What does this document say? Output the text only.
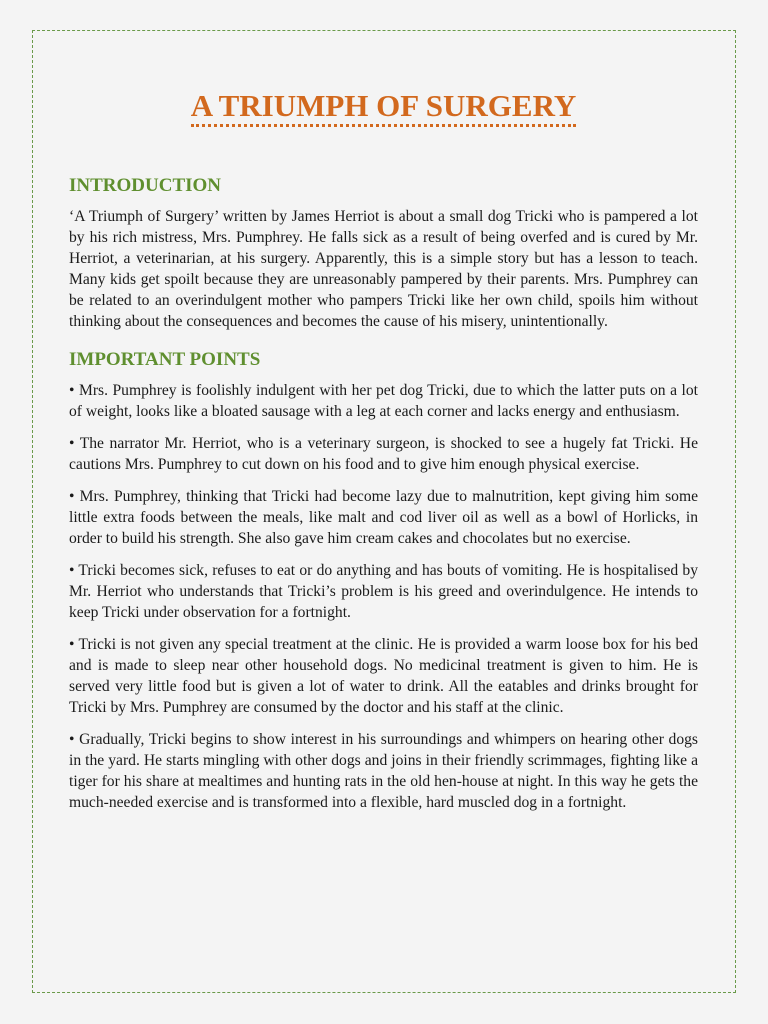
A TRIUMPH OF SURGERY
INTRODUCTION

‘A Triumph of Surgery’ written by James Herriot is about a small dog Tricki who is pampered a lot by his rich mistress, Mrs. Pumphrey. He falls sick as a result of being overfed and is cured by Mr. Herriot, a veterinarian, at his surgery. Apparently, this is a simple story but has a lesson to teach. Many kids get spoilt because they are unreasonably pampered by their parents. Mrs. Pumphrey can be related to an overindulgent mother who pampers Tricki like her own child, spoils him without thinking about the consequences and becomes the cause of his misery, unintentionally.

IMPORTANT POINTS

• Mrs. Pumphrey is foolishly indulgent with her pet dog Tricki, due to which the latter puts on a lot of weight, looks like a bloated sausage with a leg at each corner and lacks energy and enthusiasm.

• The narrator Mr. Herriot, who is a veterinary surgeon, is shocked to see a hugely fat Tricki. He cautions Mrs. Pumphrey to cut down on his food and to give him enough physical exercise.

• Mrs. Pumphrey, thinking that Tricki had become lazy due to malnutrition, kept giving him some little extra foods between the meals, like malt and cod liver oil as well as a bowl of Horlicks, in order to build his strength. She also gave him cream cakes and chocolates but no exercise.

• Tricki becomes sick, refuses to eat or do anything and has bouts of vomiting. He is hospitalised by Mr. Herriot who understands that Tricki’s problem is his greed and overindulgence. He intends to keep Tricki under observation for a fortnight.

• Tricki is not given any special treatment at the clinic. He is provided a warm loose box for his bed and is made to sleep near other household dogs. No medicinal treatment is given to him. He is served very little food but is given a lot of water to drink. All the eatables and drinks brought for Tricki by Mrs. Pumphrey are consumed by the doctor and his staff at the clinic.

• Gradually, Tricki begins to show interest in his surroundings and whimpers on hearing other dogs in the yard. He starts mingling with other dogs and joins in their friendly scrimmages, fighting like a tiger for his share at mealtimes and hunting rats in the old hen-house at night. In this way he gets the much-needed exercise and is transformed into a flexible, hard muscled dog in a fortnight.
